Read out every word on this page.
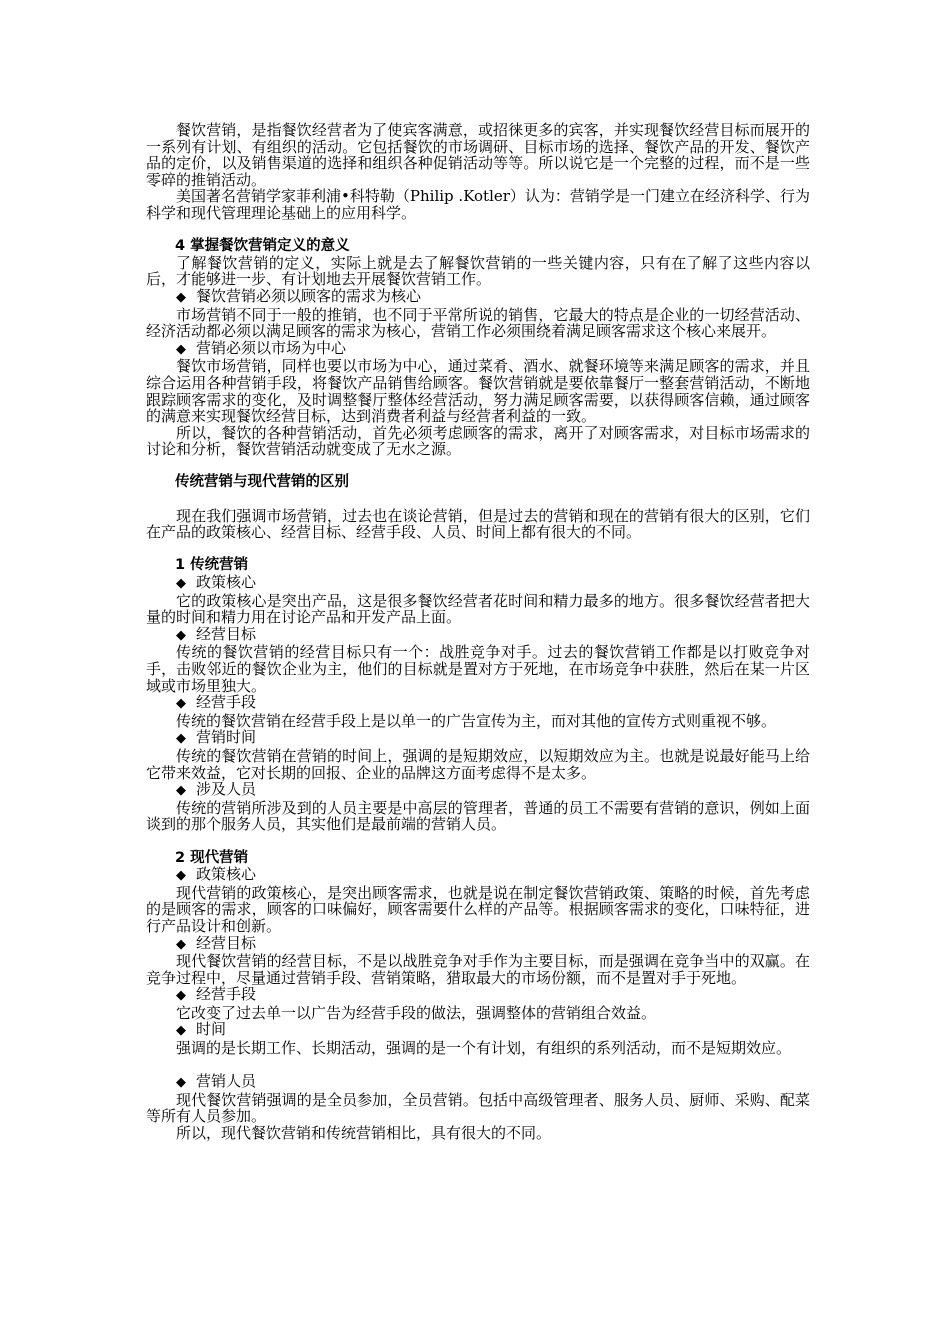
餐饮营销，是指餐饮经营者为了使宾客满意，或招徕更多的宾客，并实现餐饮经营目标而展开的一系列有计划、有组织的活动。它包括餐饮的市场调研、目标市场的选择、餐饮产品的开发、餐饮产品的定价，以及销售渠道的选择和组织各种促销活动等等。所以说它是一个完整的过程，而不是一些零碎的推销活动。

美国著名营销学家菲利浦•科特勒（Philip .Kotler）认为：营销学是一门建立在经济科学、行为科学和现代管理理论基础上的应用科学。

4 掌握餐饮营销定义的意义

了解餐饮营销的定义，实际上就是去了解餐饮营销的一些关键内容，只有在了解了这些内容以后，才能够进一步、有计划地去开展餐饮营销工作。

◆ 餐饮营销必须以顾客的需求为核心

市场营销不同于一般的推销，也不同于平常所说的销售，它最大的特点是企业的一切经营活动、经济活动都必须以满足顾客的需求为核心，营销工作必须围绕着满足顾客需求这个核心来展开。

◆ 营销必须以市场为中心

餐饮市场营销，同样也要以市场为中心，通过菜肴、酒水、就餐环境等来满足顾客的需求，并且综合运用各种营销手段，将餐饮产品销售给顾客。餐饮营销就是要依靠餐厅一整套营销活动，不断地跟踪顾客需求的变化，及时调整餐厅整体经营活动，努力满足顾客需要，以获得顾客信赖，通过顾客的满意来实现餐饮经营目标，达到消费者利益与经营者利益的一致。

所以，餐饮的各种营销活动，首先必须考虑顾客的需求，离开了对顾客需求，对目标市场需求的讨论和分析，餐饮营销活动就变成了无水之源。

传统营销与现代营销的区别

现在我们强调市场营销，过去也在谈论营销，但是过去的营销和现在的营销有很大的区别，它们在产品的政策核心、经营目标、经营手段、人员、时间上都有很大的不同。

1 传统营销
◆ 政策核心

它的政策核心是突出产品，这是很多餐饮经营者花时间和精力最多的地方。很多餐饮经营者把大量的时间和精力用在讨论产品和开发产品上面。

◆ 经营目标

传统的餐饮营销的经营目标只有一个：战胜竞争对手。过去的餐饮营销工作都是以打败竞争对手，击败邻近的餐饮企业为主，他们的目标就是置对方于死地，在市场竞争中获胜，然后在某一片区域或市场里独大。

◆ 经营手段

传统的餐饮营销在经营手段上是以单一的广告宣传为主，而对其他的宣传方式则重视不够。

◆ 营销时间

传统的餐饮营销在营销的时间上，强调的是短期效应，以短期效应为主。也就是说最好能马上给它带来效益，它对长期的回报、企业的品牌这方面考虑得不是太多。

◆ 涉及人员

传统的营销所涉及到的人员主要是中高层的管理者，普通的员工不需要有营销的意识，例如上面谈到的那个服务人员，其实他们是最前端的营销人员。

2 现代营销
◆ 政策核心

现代营销的政策核心，是突出顾客需求，也就是说在制定餐饮营销政策、策略的时候，首先考虑的是顾客的需求，顾客的口味偏好，顾客需要什么样的产品等。根据顾客需求的变化，口味特征，进行产品设计和创新。

◆ 经营目标

现代餐饮营销的经营目标，不是以战胜竞争对手作为主要目标，而是强调在竞争当中的双赢。在竞争过程中，尽量通过营销手段、营销策略，猎取最大的市场份额，而不是置对手于死地。

◆ 经营手段

它改变了过去单一以广告为经营手段的做法，强调整体的营销组合效益。

◆ 时间

强调的是长期工作、长期活动，强调的是一个有计划，有组织的系列活动，而不是短期效应。

◆ 营销人员

现代餐饮营销强调的是全员参加，全员营销。包括中高级管理者、服务人员、厨师、采购、配菜等所有人员参加。

所以，现代餐饮营销和传统营销相比，具有很大的不同。
